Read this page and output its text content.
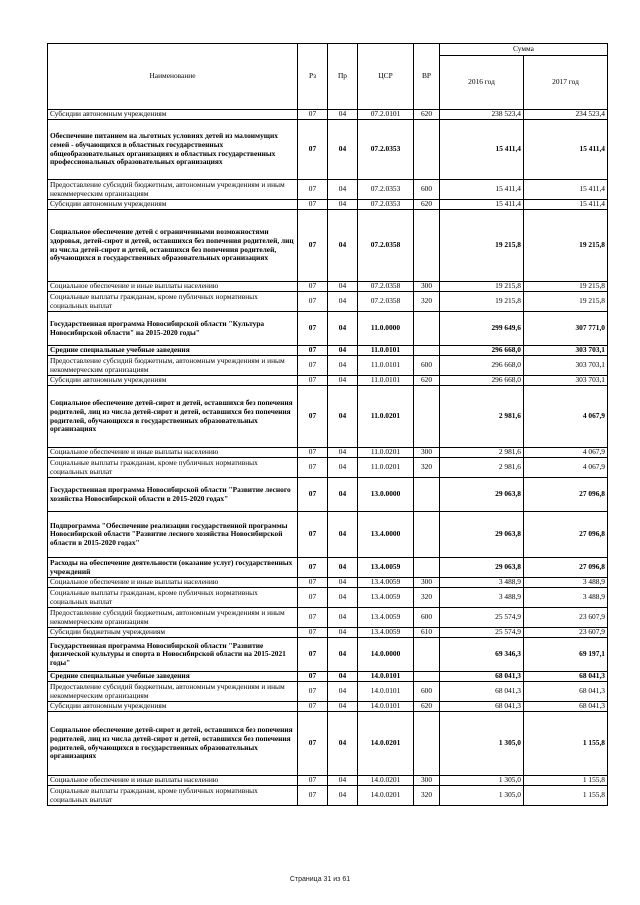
Наименование	Рз	Пр	ЦСР	ВР	Сумма	
					2016 год	2017 год
Субсидии автономным учреждениям	07	04	07.2.0101	620	238 523,4	234 523,4
Обеспечение питанием на льготных условиях детей из малоимущих семей - обучающихся в областных государственных общеобразовательных организациях и областных государственных профессиональных образовательных организациях	07	04	07.2.0353		15 411,4	15 411,4
Предоставление субсидий бюджетным, автономным учреждениям и иным некоммерческим организациям	07	04	07.2.0353	600	15 411,4	15 411,4
Субсидии автономным учреждениям	07	04	07.2.0353	620	15 411,4	15 411,4
Социальное обеспечение детей с ограниченными возможностями здоровья, детей-сирот и детей, оставшихся без попечения родителей, лиц из числа детей-сирот и детей, оставшихся без попечения родителей, обучающихся в государственных образовательных организациях	07	04	07.2.0358		19 215,8	19 215,8
Социальное обеспечение и иные выплаты населению	07	04	07.2.0358	300	19 215,8	19 215,8
Социальные выплаты гражданам, кроме публичных нормативных социальных выплат	07	04	07.2.0358	320	19 215,8	19 215,8
Государственная программа Новосибирской области "Культура Новосибирской области" на 2015-2020 годы"	07	04	11.0.0000		299 649,6	307 771,0
Средние специальные учебные заведения	07	04	11.0.0101		296 668,0	303 703,1
Предоставление субсидий бюджетным, автономным учреждениям и иным некоммерческим организациям	07	04	11.0.0101	600	296 668,0	303 703,1
Субсидии автономным учреждениям	07	04	11.0.0101	620	296 668,0	303 703,1
Социальное обеспечение детей-сирот и детей, оставшихся без попечения родителей, лиц из числа детей-сирот и детей, оставшихся без попечения родителей, обучающихся в государственных образовательных организациях	07	04	11.0.0201		2 981,6	4 067,9
Социальное обеспечение и иные выплаты населению	07	04	11.0.0201	300	2 981,6	4 067,9
Социальные выплаты гражданам, кроме публичных нормативных социальных выплат	07	04	11.0.0201	320	2 981,6	4 067,9
Государственная программа Новосибирской области "Развитие лесного хозяйства Новосибирской области в 2015-2020 годах"	07	04	13.0.0000		29 063,8	27 096,8
Подпрограмма "Обеспечение реализации государственной программы Новосибирской области "Развитие лесного хозяйства Новосибирской области в 2015-2020 годах"	07	04	13.4.0000		29 063,8	27 096,8
Расходы на обеспечение деятельности (оказание услуг) государственных учреждений	07	04	13.4.0059		29 063,8	27 096,8
Социальное обеспечение и иные выплаты населению	07	04	13.4.0059	300	3 488,9	3 488,9
Социальные выплаты гражданам, кроме публичных нормативных социальных выплат	07	04	13.4.0059	320	3 488,9	3 488,9
Предоставление субсидий бюджетным, автономным учреждениям и иным некоммерческим организациям	07	04	13.4.0059	600	25 574,9	23 607,9
Субсидии бюджетным учреждениям	07	04	13.4.0059	610	25 574,9	23 607,9
Государственная программа Новосибирской области "Развитие физической культуры и спорта в Новосибирской области на 2015-2021 годы"	07	04	14.0.0000		69 346,3	69 197,1
Средние специальные учебные заведения	07	04	14.0.0101		68 041,3	68 041,3
Предоставление субсидий бюджетным, автономным учреждениям и иным некоммерческим организациям	07	04	14.0.0101	600	68 041,3	68 041,3
Субсидии автономным учреждениям	07	04	14.0.0101	620	68 041,3	68 041,3
Социальное обеспечение детей-сирот и детей, оставшихся без попечения родителей, лиц из числа детей-сирот и детей, оставшихся без попечения родителей, обучающихся в государственных образовательных организациях	07	04	14.0.0201		1 305,0	1 155,8
Социальное обеспечение и иные выплаты населению	07	04	14.0.0201	300	1 305,0	1 155,8
Социальные выплаты гражданам, кроме публичных нормативных социальных выплат	07	04	14.0.0201	320	1 305,0	1 155,8
Страница 31 из 61
